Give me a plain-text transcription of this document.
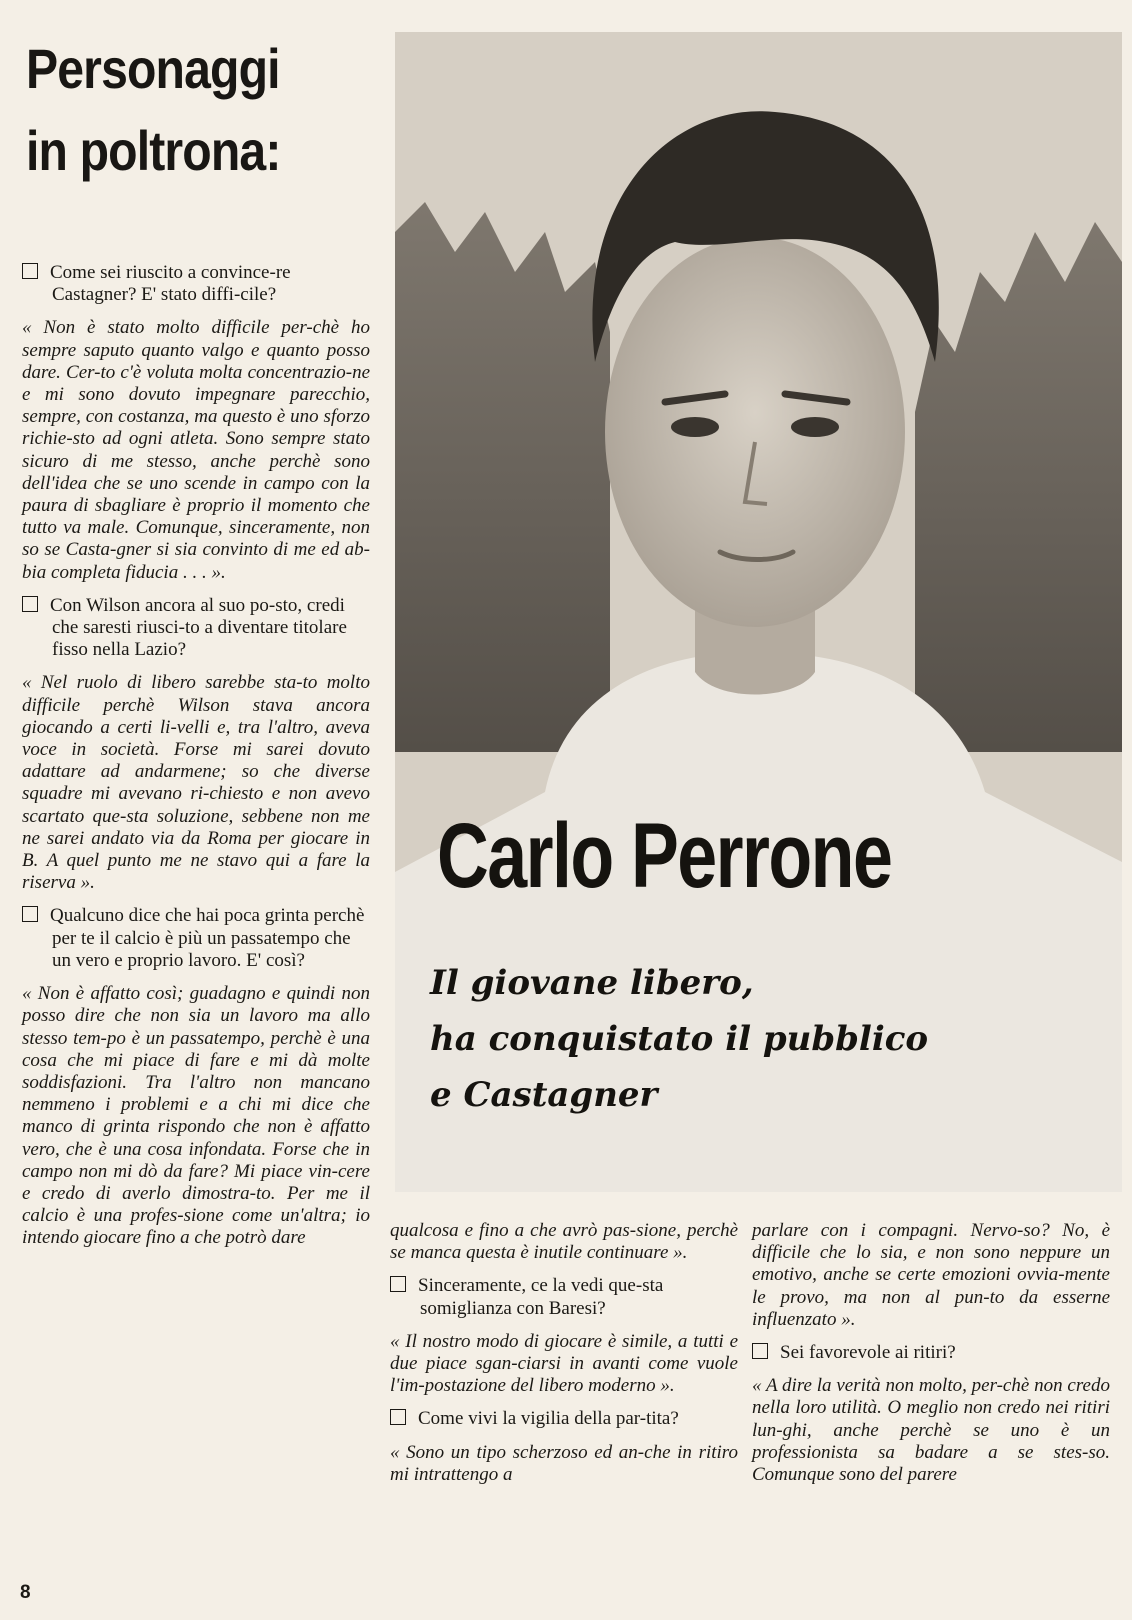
Personaggi
in poltrona:
Carlo Perrone
Il giovane libero,
ha conquistato il pubblico
e Castagner

Come sei riuscito a convince-re Castagner? E' stato diffi-cile?

« Non è stato molto difficile per-chè ho sempre saputo quanto valgo e quanto posso dare. Cer-to c'è voluta molta concentrazio-ne e mi sono dovuto impegnare parecchio, sempre, con costanza, ma questo è uno sforzo richie-sto ad ogni atleta. Sono sempre stato sicuro di me stesso, anche perchè sono dell'idea che se uno scende in campo con la paura di sbagliare è proprio il momento che tutto va male. Comunque, sinceramente, non so se Casta-gner si sia convinto di me ed ab-bia completa fiducia . . . ».

Con Wilson ancora al suo po-sto, credi che saresti riusci-to a diventare titolare fisso nella Lazio?

« Nel ruolo di libero sarebbe sta-to molto difficile perchè Wilson stava ancora giocando a certi li-velli e, tra l'altro, aveva voce in società. Forse mi sarei dovuto adattare ad andarmene; so che diverse squadre mi avevano ri-chiesto e non avevo scartato que-sta soluzione, sebbene non me ne sarei andato via da Roma per giocare in B. A quel punto me ne stavo qui a fare la riserva ».

Qualcuno dice che hai poca grinta perchè per te il calcio è più un passatempo che un vero e proprio lavoro. E' così?

« Non è affatto così; guadagno e quindi non posso dire che non sia un lavoro ma allo stesso tem-po è un passatempo, perchè è una cosa che mi piace di fare e mi dà molte soddisfazioni. Tra l'altro non mancano nemmeno i problemi e a chi mi dice che manco di grinta rispondo che non è affatto vero, che è una cosa infondata. Forse che in campo non mi dò da fare? Mi piace vin-cere e credo di averlo dimostra-to. Per me il calcio è una profes-sione come un'altra; io intendo giocare fino a che potrò dare	qualcosa e fino a che avrò pas-sione, perchè se manca questa è inutile continuare ».

Sinceramente, ce la vedi que-sta somiglianza con Baresi?

« Il nostro modo di giocare è simile, a tutti e due piace sgan-ciarsi in avanti come vuole l'im-postazione del libero moderno ».

Come vivi la vigilia della par-tita?

« Sono un tipo scherzoso ed an-che in ritiro mi intrattengo a

parlare con i compagni. Nervo-so? No, è difficile che lo sia, e non sono neppure un emotivo, anche se certe emozioni ovvia-mente le provo, ma non al pun-to da esserne influenzato ».

Sei favorevole ai ritiri?

« A dire la verità non molto, per-chè non credo nella loro utilità. O meglio non credo nei ritiri lun-ghi, anche perchè se uno è un professionista sa badare a se stes-so. Comunque sono del parere

8
